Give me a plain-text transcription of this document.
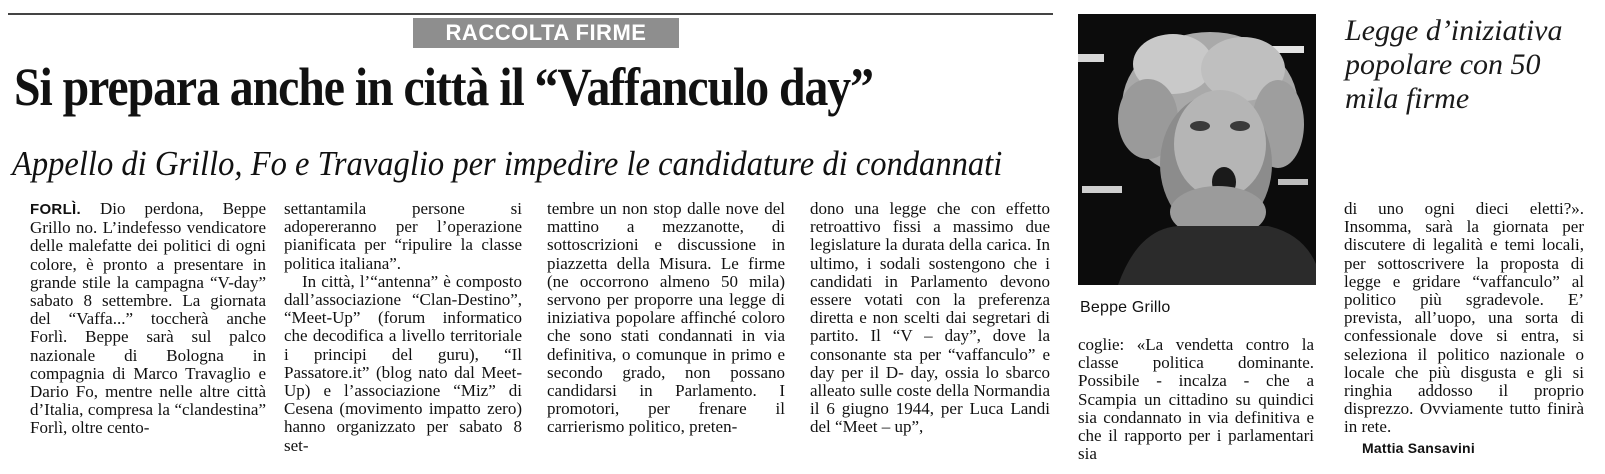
RACCOLTA FIRME
Si prepara anche in città il “Vaffanculo day”
Appello di Grillo, Fo e Travaglio per impedire le candidature di condannati
FORLÌ. Dio perdona, Beppe Grillo no. L’indefesso vendicatore delle malefatte dei politici di ogni colore, è pronto a presentare in grande stile la campagna “V-day” sabato 8 settembre. La giornata del “Vaffa...” toccherà anche Forlì. Beppe sarà sul palco nazionale di Bologna in compagnia di Marco Travaglio e Dario Fo, mentre nelle altre città d’Italia, compresa la “clandestina” Forlì, oltre cento-
settantamila persone si adopereranno per l’operazione pianificata per “ripulire la classe politica italiana”.
In città, l’“antenna” è composto dall’associazione “Clan-Destino”, “Meet-Up” (forum informatico che decodifica a livello territoriale i principi del guru), “Il Passatore.it” (blog nato dal Meet-Up) e l’associazione “Miz” di Cesena (movimento impatto zero) hanno organizzato per sabato 8 set-
tembre un non stop dalle nove del mattino a mezzanotte, di sottoscrizioni e discussione in piazzetta della Misura. Le firme (ne occorrono almeno 50 mila) servono per proporre una legge di iniziativa popolare affinché coloro che sono stati condannati in via definitiva, o comunque in primo e secondo grado, non possano candidarsi in Parlamento. I promotori, per frenare il carrierismo politico, preten-
dono una legge che con effetto retroattivo fissi a massimo due legislature la durata della carica. In ultimo, i sodali sostengono che i candidati in Parlamento devono essere votati con la preferenza diretta e non scelti dai segretari di partito. Il “V – day”, dove la consonante sta per “vaffanculo” e day per il D- day, ossia lo sbarco alleato sulle coste della Normandia il 6 giugno 1944, per Luca Landi del “Meet – up”,
Beppe Grillo
coglie: «La vendetta contro la classe politica dominante. Possibile - incalza - che a Scampia un cittadino su quindici sia condannato in via definitiva e che il rapporto per i parlamentari sia
Legge d’iniziativa popolare con 50 mila firme
di uno ogni dieci eletti?». Insomma, sarà la giornata per discutere di legalità e temi locali, per sottoscrivere la proposta di legge e gridare “vaffanculo” al politico più sgradevole. E’ prevista, all’uopo, una sorta di confessionale dove si entra, si seleziona il politico nazionale o locale che più disgusta e gli si ringhia addosso il proprio disprezzo. Ovviamente tutto finirà in rete.
Mattia Sansavini
